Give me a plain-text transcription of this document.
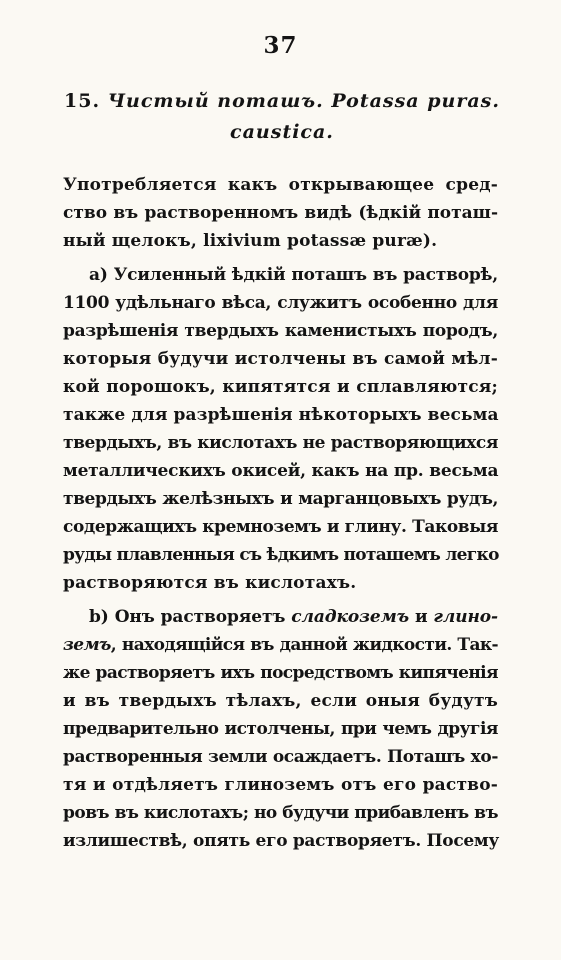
37
15. Чистый поташъ. Potassa puras.
caustica.
Употребляется какъ открывающее сред-
ство въ растворенномъ видѣ (ѣдкій поташ-
ный щелокъ, lixivium potassæ puræ).
a) Усиленный ѣдкій поташъ въ растворѣ,
1100 удѣльнаго вѣса, служитъ особенно для
разрѣшенія твердыхъ каменистыхъ породъ,
которыя будучи истолчены въ самой мѣл-
кой порошокъ, кипятятся и сплавляются;
также для разрѣшенія нѣкоторыхъ весьма
твердыхъ, въ кислотахъ не растворяющихся
металлическихъ окисей, какъ на пр. весьма
твердыхъ желѣзныхъ и марганцовыхъ рудъ,
содержащихъ кремноземъ и глину. Таковыя
руды плавленныя съ ѣдкимъ поташемъ легко
растворяются въ кислотахъ.
b) Онъ растворяетъ сладкоземъ и глино-
земъ, находящійся въ данной жидкости. Так-
же растворяетъ ихъ посредствомъ кипяченія
и въ твердыхъ тѣлахъ, если оныя будутъ
предварительно истолчены, при чемъ другія
растворенныя земли осаждаетъ. Поташъ хо-
тя и отдѣляетъ глиноземъ отъ его раство-
ровъ въ кислотахъ; но будучи прибавленъ въ
излишествѣ, опять его растворяетъ. Посему
